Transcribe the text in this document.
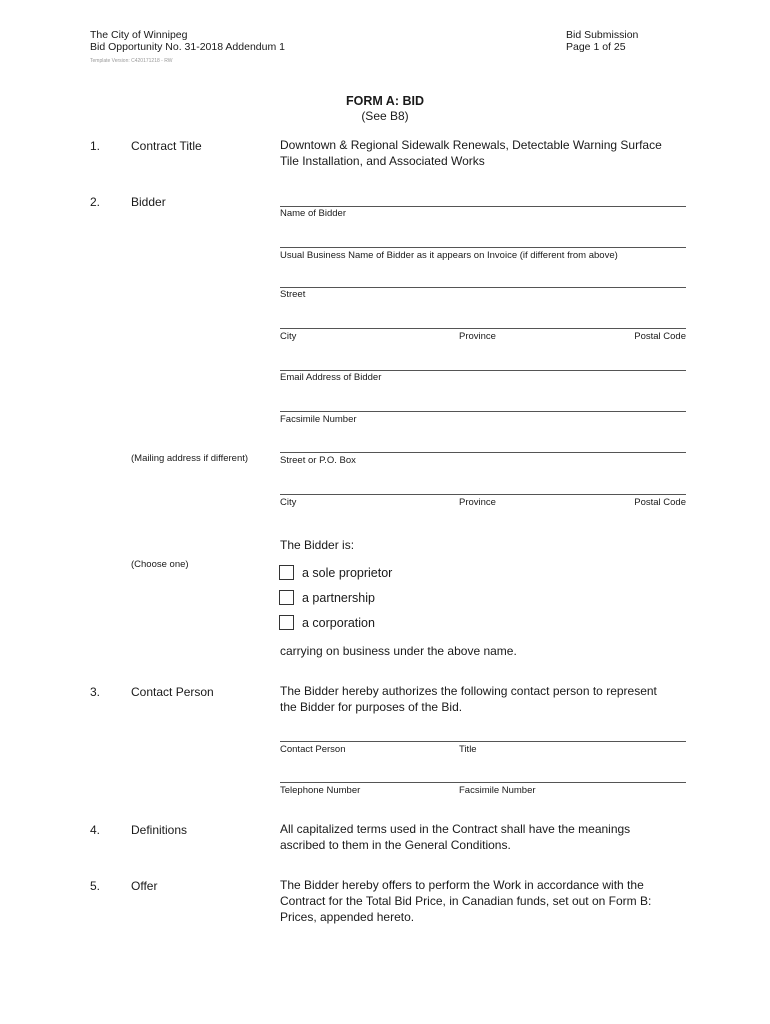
The City of Winnipeg
Bid Opportunity No. 31-2018 Addendum 1
Template Version: C420171218 - RW
Bid Submission
Page 1 of 25
FORM A: BID
(See B8)
1.	Contract Title	Downtown & Regional Sidewalk Renewals, Detectable Warning Surface
Tile Installation, and Associated Works
2.	Bidder
Name of Bidder
Usual Business Name of Bidder as it appears on Invoice (if different from above)
Street
City	Province	Postal Code
Email Address of Bidder
Facsimile Number
(Mailing address if different)	Street or P.O. Box
City	Province	Postal Code
The Bidder is:
(Choose one)
a sole proprietor
a partnership
a corporation
carrying on business under the above name.
3.	Contact Person	The Bidder hereby authorizes the following contact person to represent
the Bidder for purposes of the Bid.
Contact Person	Title
Telephone Number	Facsimile Number
4.	Definitions	All capitalized terms used in the Contract shall have the meanings
ascribed to them in the General Conditions.
5.	Offer	The Bidder hereby offers to perform the Work in accordance with the
Contract for the Total Bid Price, in Canadian funds, set out on Form B:
Prices, appended hereto.
